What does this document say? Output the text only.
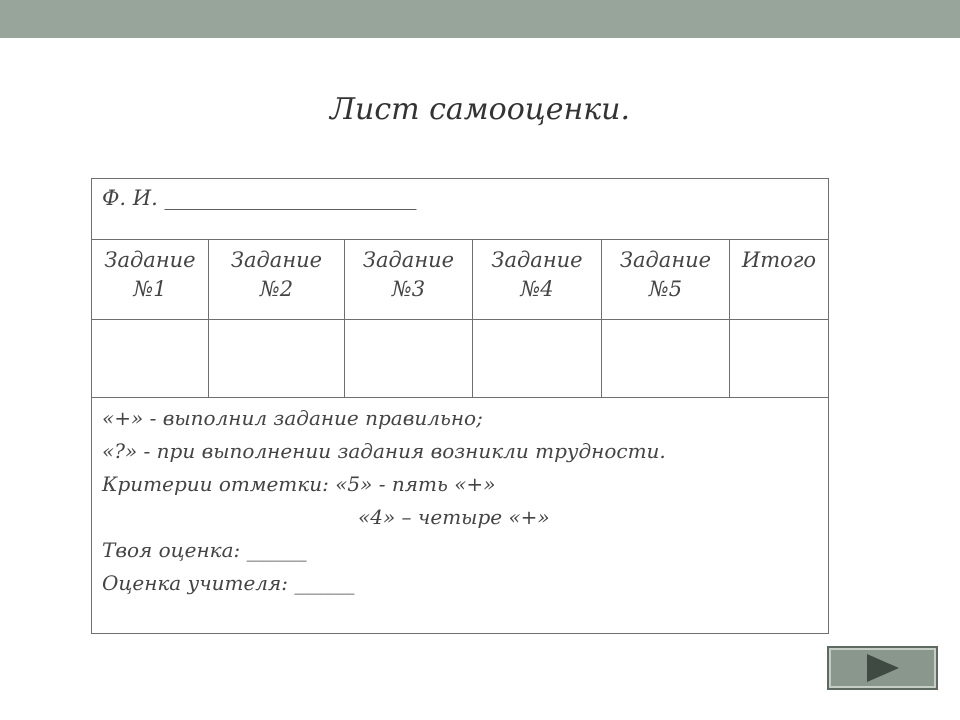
Лист самооценки.
Ф. И. ________________________
Задание
№1
Задание
№2
Задание
№3
Задание
№4
Задание
№5
Итого
«+» - выполнил задание правильно;
«?» - при выполнении задания возникли трудности.
Критерии отметки: «5» - пять «+»
«4» – четыре «+»
Твоя оценка: ______
Оценка учителя: ______
